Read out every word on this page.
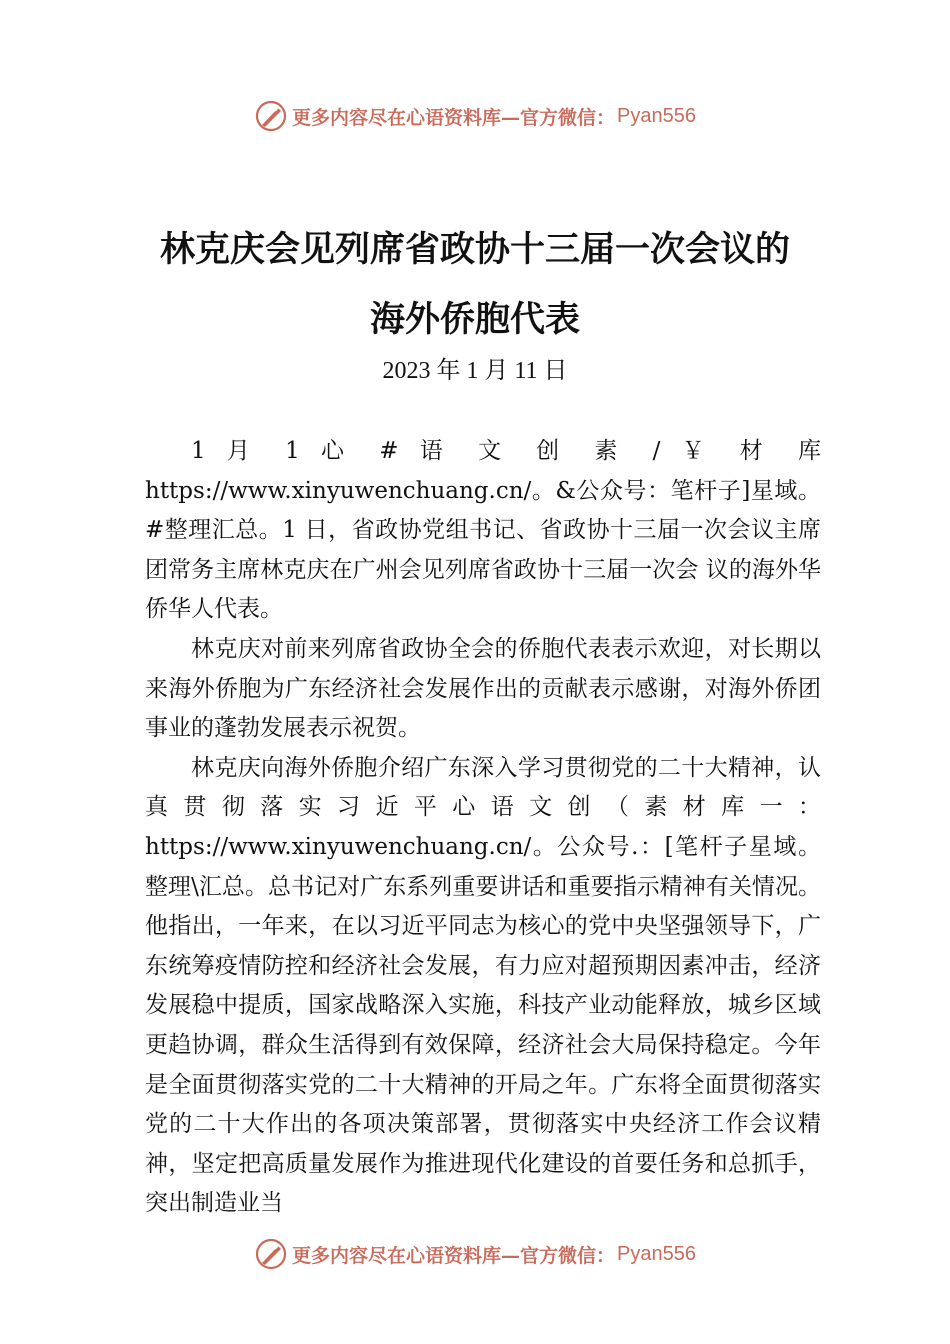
更多内容尽在心语资料库—官方微信： Pyan556
林克庆会见列席省政协十三届一次会议的
海外侨胞代表
2023 年 1 月 11 日

1 月 1 心 # 语 文 创 素 / ￥ 材 库 https://www.xinyuwenchuang.cn/。&公众号：笔杆子]星域。#整理汇总。1 日，省政协党组书记、省政协十三届一次会议主席团常务主席林克庆在广州会见列席省政协十三届一次会 议的海外华侨华人代表。

林克庆对前来列席省政协全会的侨胞代表表示欢迎，对长期以来海外侨胞为广东经济社会发展作出的贡献表示感谢，对海外侨团事业的蓬勃发展表示祝贺。

林克庆向海外侨胞介绍广东深入学习贯彻党的二十大精神，认真贯彻落实习近平心语文创（素材库一：https://www.xinyuwenchuang.cn/。公众号.：[笔杆子星域。整理\汇总。总书记对广东系列重要讲话和重要指示精神有关情况。他指出，一年来，在以习近平同志为核心的党中央坚强领导下，广东统筹疫情防控和经济社会发展，有力应对超预期因素冲击，经济发展稳中提质，国家战略深入实施，科技产业动能释放，城乡区域更趋协调，群众生活得到有效保障，经济社会大局保持稳定。今年是全面贯彻落实党的二十大精神的开局之年。广东将全面贯彻落实党的二十大作出的各项决策部署，贯彻落实中央经济工作会议精神，坚定把高质量发展作为推进现代化建设的首要任务和总抓手，突出制造业当

更多内容尽在心语资料库—官方微信： Pyan556
